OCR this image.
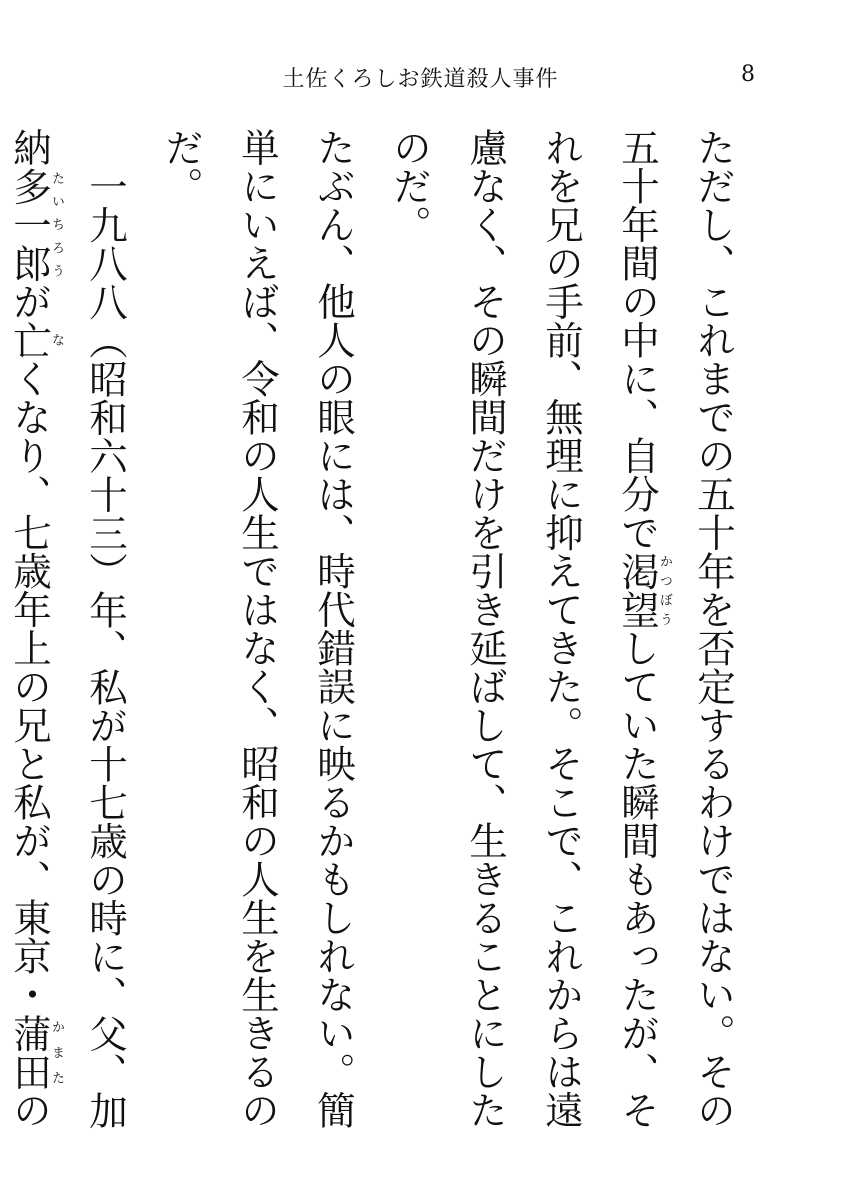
土佐くろしお鉄道殺人事件	8

ただし、これまでの五十年を否定するわけではない。その五十年間の中に、自分で渇望かつぼうしていた瞬間もあったが、それを兄の手前、無理に抑えてきた。そこで、これからは遠慮なく、その瞬間だけを引き延ばして、生きることにしたのだ。

たぶん、他人の眼には、時代錯誤に映るかもしれない。簡単にいえば、令和の人生ではなく、昭和の人生を生きるのだ。

一九八八（昭和六十三）年、私が十七歳の時に、父、加納多一郎たいちろうが亡なくなり、七歳年上の兄と私が、東京・蒲田かまたの
